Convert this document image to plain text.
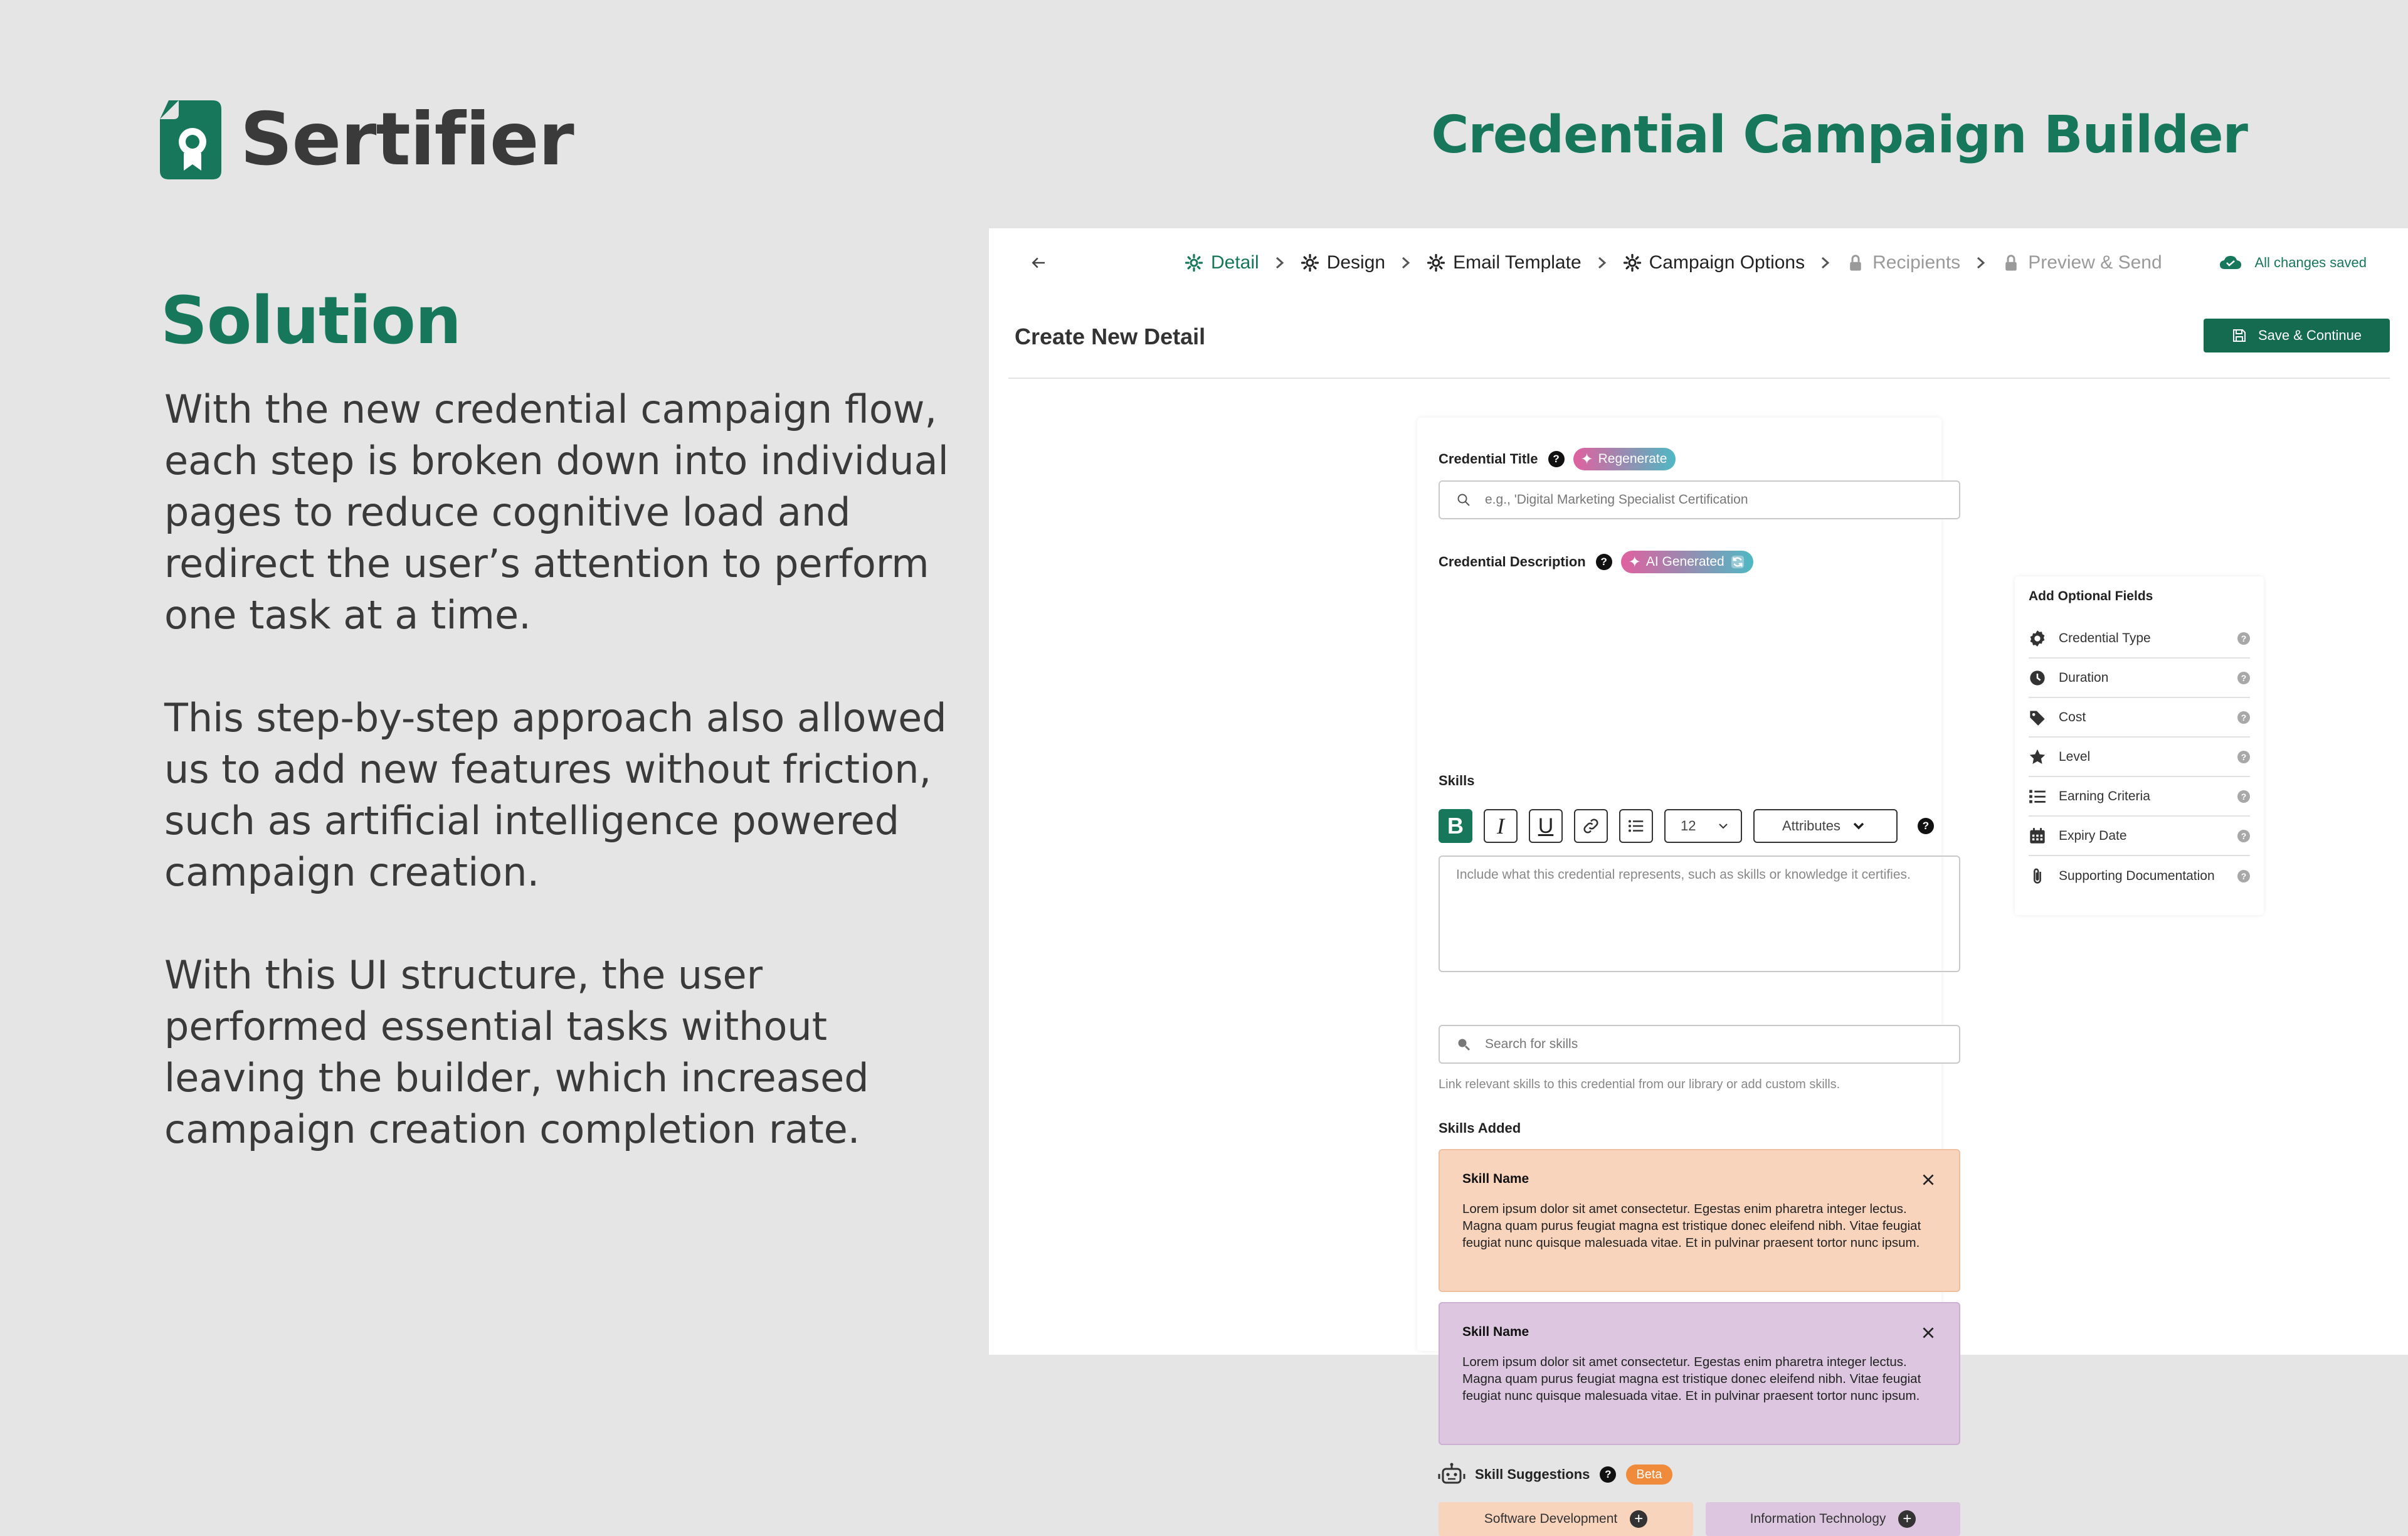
Sertifier	Credential Campaign Builder
Solution

With the new credential campaign flow, each step is broken down into individual pages to reduce cognitive load and redirect the user’s attention to perform one task at a time.

This step-by-step approach also allowed us to add new features without friction, such as artificial intelligence powered campaign creation.

With this UI structure, the user performed essential tasks without leaving the builder, which increased campaign creation completion rate.

Detail	Design	Email Template	Campaign Options	Recipients	Preview & Send	All changes saved
Create New Detail	Save & Continue
Credential Title	?	✦ Regenerate
e.g., 'Digital Marketing Specialist Certification
Credential Description	?	✦ AI Generated
B	I	U	12	Attributes	?
Include what this credential represents, such as skills or knowledge it certifies.
Skills
Search for skills
Link relevant skills to this credential from our library or add custom skills.
Skills Added
Skill Name
Lorem ipsum dolor sit amet consectetur. Egestas enim pharetra integer lectus. Magna quam purus feugiat magna est tristique donec eleifend nibh. Vitae feugiat feugiat nunc quisque malesuada vitae. Et in pulvinar praesent tortor nunc ipsum.
Skill Name
Lorem ipsum dolor sit amet consectetur. Egestas enim pharetra integer lectus. Magna quam purus feugiat magna est tristique donec eleifend nibh. Vitae feugiat feugiat nunc quisque malesuada vitae. Et in pulvinar praesent tortor nunc ipsum.
Skill Suggestions	?	Beta
Software Development +	Information Technology +
Add Optional Fields
Credential Type	?
Duration	?
Cost	?
Level	?
Earning Criteria	?
Expiry Date	?
Supporting Documentation	?
